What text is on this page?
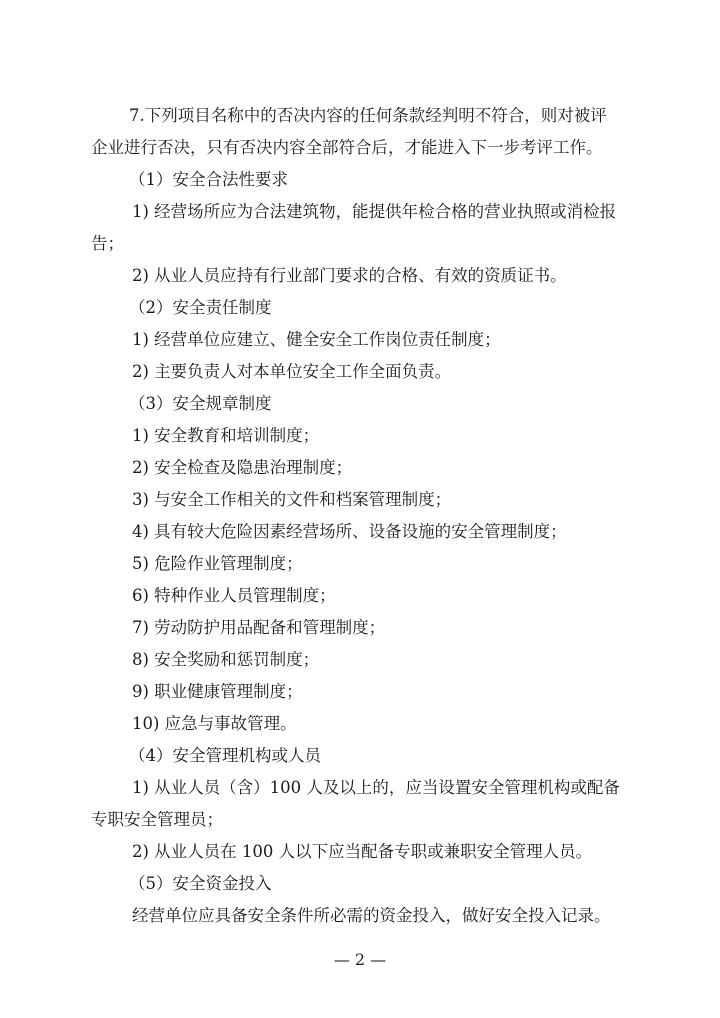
7.下列项目名称中的否决内容的任何条款经判明不符合，则对被评
企业进行否决，只有否决内容全部符合后，才能进入下一步考评工作。
（1）安全合法性要求
1) 经营场所应为合法建筑物，能提供年检合格的营业执照或消检报
告；
2) 从业人员应持有行业部门要求的合格、有效的资质证书。
（2）安全责任制度
1) 经营单位应建立、健全安全工作岗位责任制度；
2) 主要负责人对本单位安全工作全面负责。
（3）安全规章制度
1) 安全教育和培训制度；
2) 安全检查及隐患治理制度；
3) 与安全工作相关的文件和档案管理制度；
4) 具有较大危险因素经营场所、设备设施的安全管理制度；
5) 危险作业管理制度；
6) 特种作业人员管理制度；
7) 劳动防护用品配备和管理制度；
8) 安全奖励和惩罚制度；
9) 职业健康管理制度；
10) 应急与事故管理。
（4）安全管理机构或人员
1) 从业人员（含）100 人及以上的，应当设置安全管理机构或配备
专职安全管理员；
2) 从业人员在 100 人以下应当配备专职或兼职安全管理人员。
（5）安全资金投入
经营单位应具备安全条件所必需的资金投入，做好安全投入记录。
— 2 —
